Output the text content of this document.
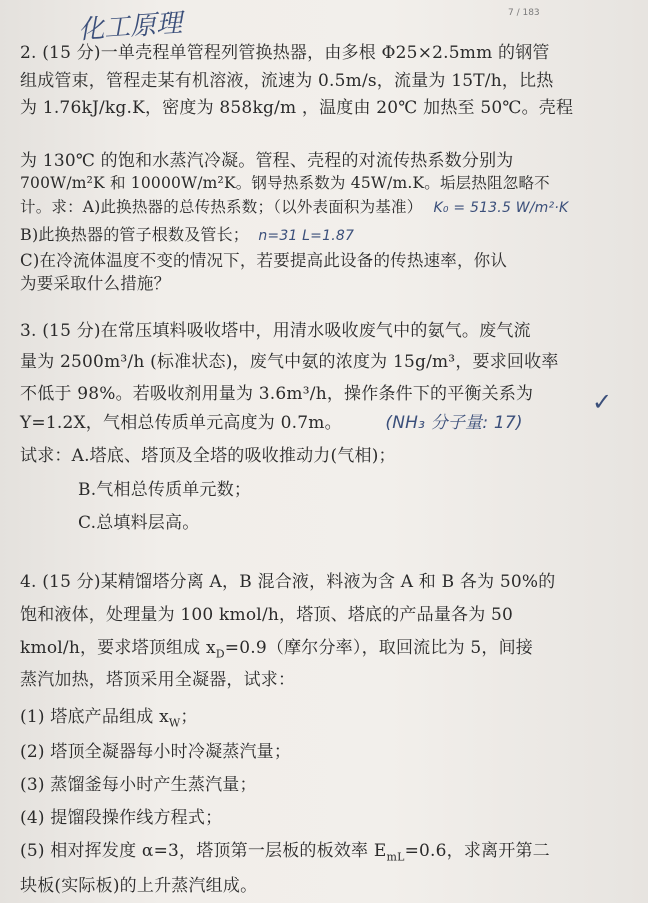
7 / 183
化工原理
2. (15 分)一单壳程单管程列管换热器，由多根 Φ25×2.5mm 的钢管
组成管束，管程走某有机溶液，流速为 0.5m/s，流量为 15T/h，比热
为 1.76kJ/kg.K，密度为 858kg/m ，温度由 20℃ 加热至 50℃。壳程
为 130℃ 的饱和水蒸汽冷凝。管程、壳程的对流传热系数分别为
700W/m²K 和 10000W/m²K。钢导热系数为 45W/m.K。垢层热阻忽略不
计。求：A)此换热器的总传热系数；（以外表面积为基准） K₀ = 513.5 W/m²·K
B)此换热器的管子根数及管长； n=31 L=1.87
C)在冷流体温度不变的情况下，若要提高此设备的传热速率，你认
为要采取什么措施？
3. (15 分)在常压填料吸收塔中，用清水吸收废气中的氨气。废气流
量为 2500m³/h (标准状态)，废气中氨的浓度为 15g/m³，要求回收率
不低于 98%。若吸收剂用量为 3.6m³/h，操作条件下的平衡关系为
Y=1.2X，气相总传质单元高度为 0.7m。	(NH₃ 分子量: 17)
✓
试求：A.塔底、塔顶及全塔的吸收推动力(气相)；
B.气相总传质单元数；
C.总填料层高。
4. (15 分)某精馏塔分离 A，B 混合液，料液为含 A 和 B 各为 50%的
饱和液体，处理量为 100 kmol/h，塔顶、塔底的产品量各为 50
kmol/h，要求塔顶组成 $x_D=0.9$（摩尔分率），取回流比为 5，间接
蒸汽加热，塔顶采用全凝器，试求：
(1) 塔底产品组成 $x_W$；
(2) 塔顶全凝器每小时冷凝蒸汽量；
(3) 蒸馏釜每小时产生蒸汽量；
(4) 提馏段操作线方程式；
(5) 相对挥发度 α=3，塔顶第一层板的板效率 $E_{mL}=0.6$，求离开第二
块板(实际板)的上升蒸汽组成。
